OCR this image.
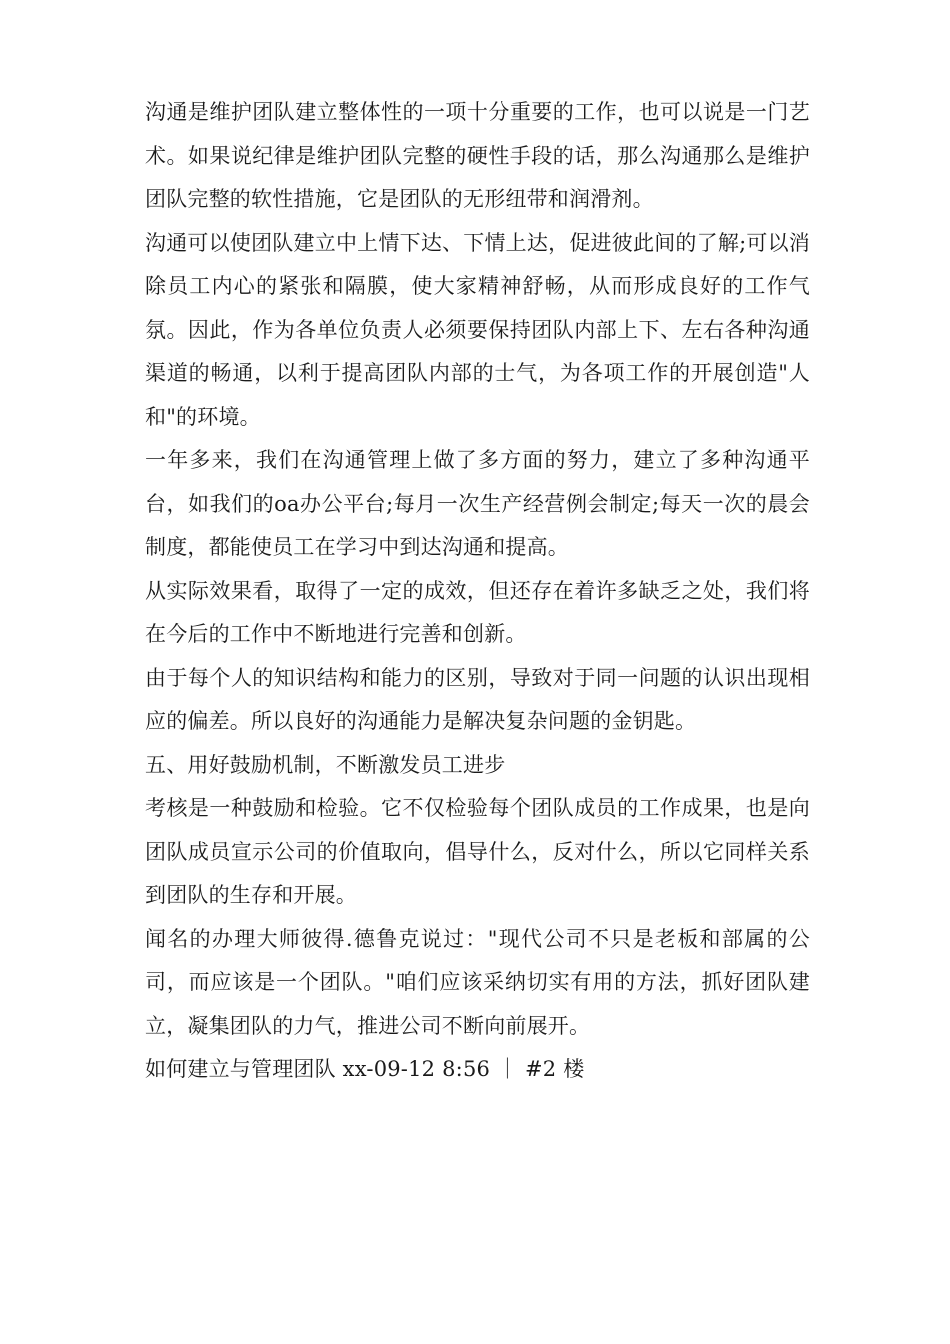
沟通是维护团队建立整体性的一项十分重要的工作，也可以说是一门艺术。如果说纪律是维护团队完整的硬性手段的话，那么沟通那么是维护团队完整的软性措施，它是团队的无形纽带和润滑剂。

沟通可以使团队建立中上情下达、下情上达，促进彼此间的了解;可以消除员工内心的紧张和隔膜，使大家精神舒畅，从而形成良好的工作气氛。因此，作为各单位负责人必须要保持团队内部上下、左右各种沟通渠道的畅通，以利于提高团队内部的士气，为各项工作的开展创造"人和"的环境。

一年多来，我们在沟通管理上做了多方面的努力，建立了多种沟通平台，如我们的oa办公平台;每月一次生产经营例会制定;每天一次的晨会制度，都能使员工在学习中到达沟通和提高。

从实际效果看，取得了一定的成效，但还存在着许多缺乏之处，我们将在今后的工作中不断地进行完善和创新。

由于每个人的知识结构和能力的区别，导致对于同一问题的认识出现相应的偏差。所以良好的沟通能力是解决复杂问题的金钥匙。

五、用好鼓励机制，不断激发员工进步

考核是一种鼓励和检验。它不仅检验每个团队成员的工作成果，也是向团队成员宣示公司的价值取向，倡导什么，反对什么，所以它同样关系到团队的生存和开展。

闻名的办理大师彼得.德鲁克说过："现代公司不只是老板和部属的公司，而应该是一个团队。"咱们应该采纳切实有用的方法，抓好团队建立，凝集团队的力气，推进公司不断向前展开。

如何建立与管理团队 xx-09-12 8:56 ｜ #2 楼
